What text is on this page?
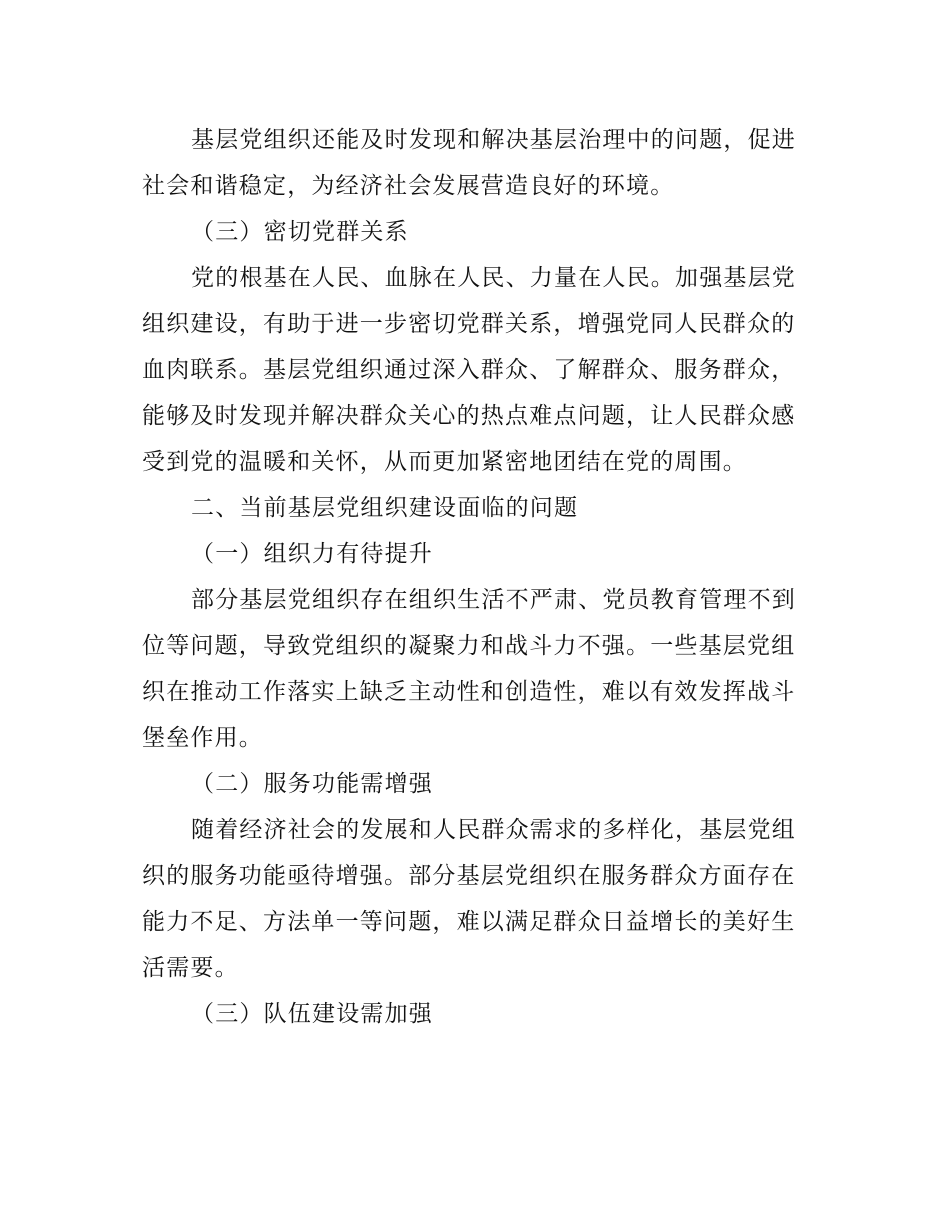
基层党组织还能及时发现和解决基层治理中的问题，促进
社会和谐稳定，为经济社会发展营造良好的环境。
（三）密切党群关系
党的根基在人民、血脉在人民、力量在人民。加强基层党
组织建设，有助于进一步密切党群关系，增强党同人民群众的
血肉联系。基层党组织通过深入群众、了解群众、服务群众，
能够及时发现并解决群众关心的热点难点问题，让人民群众感
受到党的温暖和关怀，从而更加紧密地团结在党的周围。
二、当前基层党组织建设面临的问题
（一）组织力有待提升
部分基层党组织存在组织生活不严肃、党员教育管理不到
位等问题，导致党组织的凝聚力和战斗力不强。一些基层党组
织在推动工作落实上缺乏主动性和创造性，难以有效发挥战斗
堡垒作用。
（二）服务功能需增强
随着经济社会的发展和人民群众需求的多样化，基层党组
织的服务功能亟待增强。部分基层党组织在服务群众方面存在
能力不足、方法单一等问题，难以满足群众日益增长的美好生
活需要。
（三）队伍建设需加强
